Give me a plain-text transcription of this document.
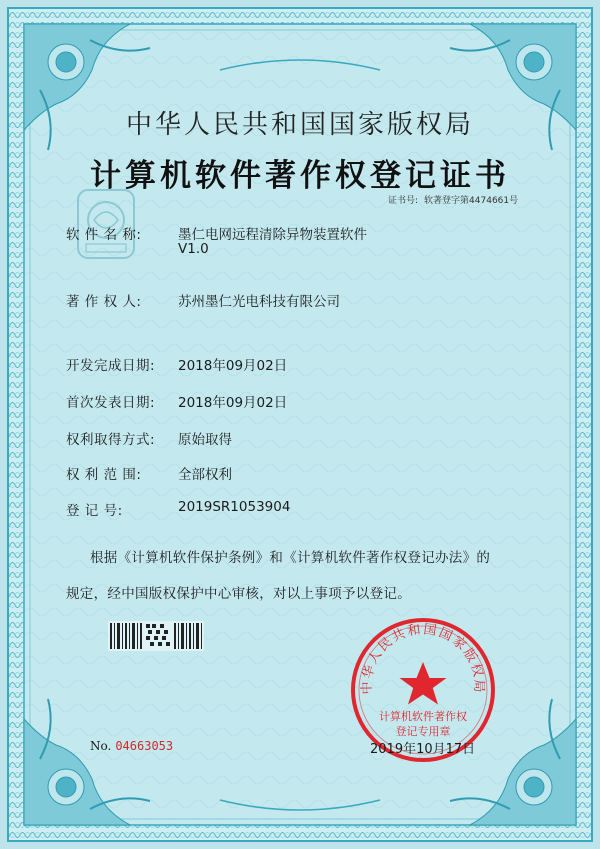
中华人民共和国国家版权局
计算机软件著作权登记证书
证书号: 软著登字第4474661号
软 件 名 称:	墨仁电网远程清除异物装置软件
V1.0
著 作 权 人:	苏州墨仁光电科技有限公司
开发完成日期: 2018年09月02日
首次发表日期: 2018年09月02日
权利取得方式: 原始取得
权 利 范 围:	全部权利
登 记 号:	2019SR1053904
根据《计算机软件保护条例》和《计算机软件著作权登记办法》的
规定，经中国版权保护中心审核，对以上事项予以登记。
中华人民共和国国家版权局
计算机软件著作权
登记专用章
No. 04663053	2019年10月17日
